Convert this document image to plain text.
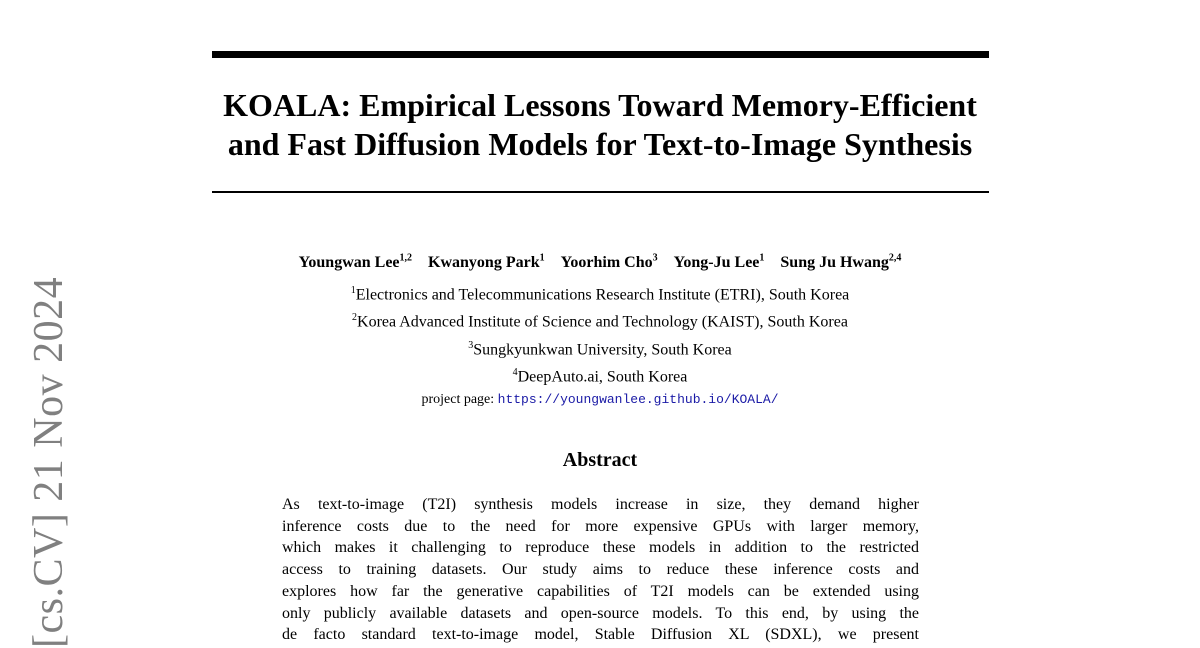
[cs.CV] 21 Nov 2024
KOALA: Empirical Lessons Toward Memory-Efficient
and Fast Diffusion Models for Text-to-Image Synthesis
Youngwan Lee$^{1,2}$ Kwanyong Park$^1$ Yoorhim Cho$^3$ Yong-Ju Lee$^1$ Sung Ju Hwang$^{2,4}$
$^1$Electronics and Telecommunications Research Institute (ETRI), South Korea
$^2$Korea Advanced Institute of Science and Technology (KAIST), South Korea
$^3$Sungkyunkwan University, South Korea
$^4$DeepAuto.ai, South Korea
project page: https://youngwanlee.github.io/KOALA/
Abstract
As text-to-image (T2I) synthesis models increase in size, they demand higher
inference costs due to the need for more expensive GPUs with larger memory,
which makes it challenging to reproduce these models in addition to the restricted
access to training datasets. Our study aims to reduce these inference costs and
explores how far the generative capabilities of T2I models can be extended using
only publicly available datasets and open-source models. To this end, by using the
de facto standard text-to-image model, Stable Diffusion XL (SDXL), we present
